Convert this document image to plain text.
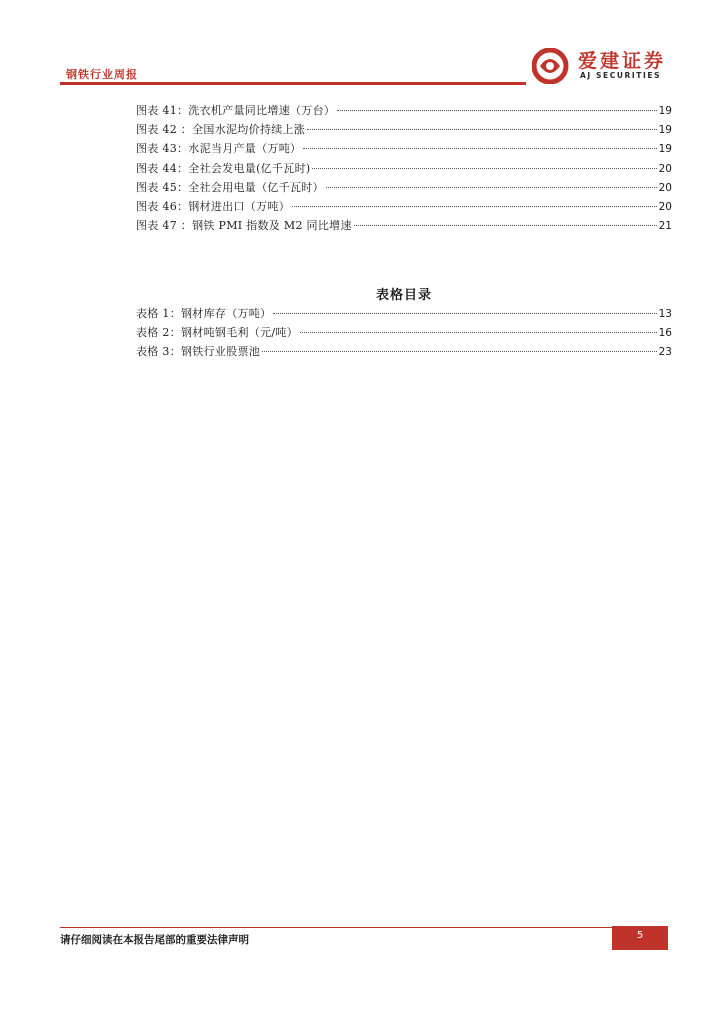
钢铁行业周报
爱建证券
AJ SECURITIES
图表 41：洗衣机产量同比增速（万台）	19
图表 42 ：全国水泥均价持续上涨	19
图表 43：水泥当月产量（万吨）	19
图表 44：全社会发电量(亿千瓦时)	20
图表 45：全社会用电量（亿千瓦时）	20
图表 46：钢材进出口（万吨）	20
图表 47 ：钢铁 PMI 指数及 M2 同比增速	21
表格目录
表格 1：钢材库存（万吨）	13
表格 2：钢材吨钢毛利（元/吨）	16
表格 3：钢铁行业股票池	23
请仔细阅读在本报告尾部的重要法律声明	5
